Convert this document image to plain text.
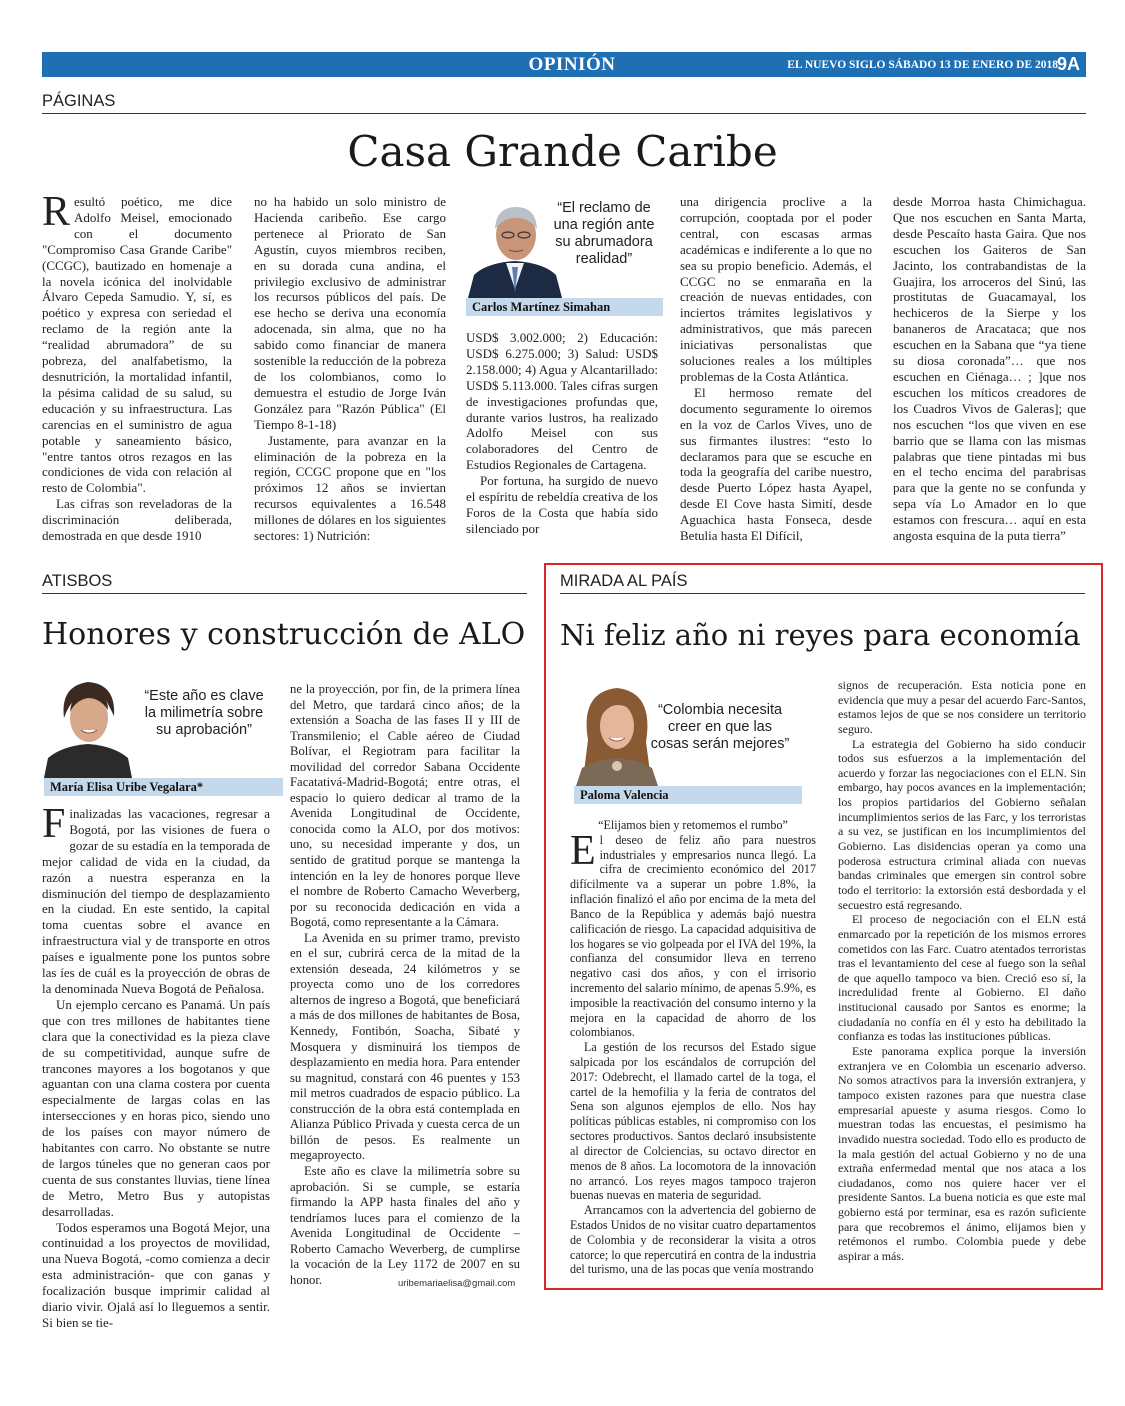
OPINIÓN	EL NUEVO SIGLO SÁBADO 13 DE ENERO DE 2018
9A
PÁGINAS
Casa Grande Caribe

Resultó poético, me dice Adolfo Meisel, emocionado con el documento "Compromiso Casa Grande Caribe" (CCGC), bautizado en homenaje a la novela icónica del inolvidable Álvaro Cepeda Samudio. Y, sí, es poético y expresa con seriedad el reclamo de la región ante la “realidad abrumadora” de su pobreza, del analfabetismo, la desnutrición, la mortalidad infantil, la pésima calidad de su salud, su educación y su infraestructura. Las carencias en el suministro de agua potable y saneamiento básico, "entre tantos otros rezagos en las condiciones de vida con relación al resto de Colombia".

Las cifras son reveladoras de la discriminación deliberada, demostrada en que desde 1910

no ha habido un solo ministro de Hacienda caribeño. Ese cargo pertenece al Priorato de San Agustín, cuyos miembros reciben, en su dorada cuna andina, el privilegio exclusivo de administrar los recursos públicos del país. De ese hecho se deriva una economía adocenada, sin alma, que no ha sabido como financiar de manera sostenible la reducción de la pobreza de los colombianos, como lo demuestra el estudio de Jorge Iván González para "Razón Pública" (El Tiempo 8-1-18)

Justamente, para avanzar en la eliminación de la pobreza en la región, CCGC propone que en "los próximos 12 años se inviertan recursos equivalentes a 16.548 millones de dólares en los siguientes sectores: 1) Nutrición:

“El reclamo de una región ante su abrumadora realidad”
Carlos Martínez Simahan

USD$ 3.002.000; 2) Educación: USD$ 6.275.000; 3) Salud: USD$ 2.158.000; 4) Agua y Alcantarillado: USD$ 5.113.000. Tales cifras surgen de investigaciones profundas que, durante varios lustros, ha realizado Adolfo Meisel con sus colaboradores del Centro de Estudios Regionales de Cartagena.

Por fortuna, ha surgido de nuevo el espíritu de rebeldía creativa de los Foros de la Costa que había sido silenciado por

una dirigencia proclive a la corrupción, cooptada por el poder central, con escasas armas académicas e indiferente a lo que no sea su propio beneficio. Además, el CCGC no se enmaraña en la creación de nuevas entidades, con inciertos trámites legislativos y administrativos, que más parecen iniciativas personalistas que soluciones reales a los múltiples problemas de la Costa Atlántica.

El hermoso remate del documento seguramente lo oiremos en la voz de Carlos Vives, uno de sus firmantes ilustres: “esto lo declaramos para que se escuche en toda la geografía del caribe nuestro, desde Puerto López hasta Ayapel, desde El Cove hasta Simití, desde Aguachica hasta Fonseca, desde Betulia hasta El Difícil,

desde Morroa hasta Chimichagua. Que nos escuchen en Santa Marta, desde Pescaíto hasta Gaira. Que nos escuchen los Gaiteros de San Jacinto, los contrabandistas de la Guajira, los arroceros del Sinú, las prostitutas de Guacamayal, los hechiceros de la Sierpe y los bananeros de Aracataca; que nos escuchen en la Sabana que “ya tiene su diosa coronada”… que nos escuchen en Ciénaga… ; ]que nos escuchen los míticos creadores de los Cuadros Vivos de Galeras]; que nos escuchen “los que viven en ese barrio que se llama con las mismas palabras que tiene pintadas mi bus en el techo encima del parabrisas para que la gente no se confunda y sepa vía Lo Amador en lo que estamos con frescura… aquí en esta angosta esquina de la puta tierra”

ATISBOS
Honores y construcción de ALO
“Este año es clave la milimetría sobre su aprobación”
María Elisa Uribe Vegalara*

Finalizadas las vacaciones, regresar a Bogotá, por las visiones de fuera o gozar de su estadía en la temporada de mejor calidad de vida en la ciudad, da razón a nuestra esperanza en la disminución del tiempo de desplazamiento en la ciudad. En este sentido, la capital toma cuentas sobre el avance en infraestructura vial y de transporte en otros países e igualmente pone los puntos sobre las íes de cuál es la proyección de obras de la denominada Nueva Bogotá de Peñalosa.

Un ejemplo cercano es Panamá. Un país que con tres millones de habitantes tiene clara que la conectividad es la pieza clave de su competitividad, aunque sufre de trancones mayores a los bogotanos y que aguantan con una clama costera por cuenta especialmente de largas colas en las intersecciones y en horas pico, siendo uno de los países con mayor número de habitantes con carro. No obstante se nutre de largos túneles que no generan caos por cuenta de sus constantes lluvias, tiene línea de Metro, Metro Bus y autopistas desarrolladas.

Todos esperamos una Bogotá Mejor, una continuidad a los proyectos de movilidad, una Nueva Bogotá, -como comienza a decir esta administración- que con ganas y focalización busque imprimir calidad al diario vivir. Ojalá así lo lleguemos a sentir. Si bien se tie-

ne la proyección, por fin, de la primera línea del Metro, que tardará cinco años; de la extensión a Soacha de las fases II y III de Transmilenio; el Cable aéreo de Ciudad Bolívar, el Regiotram para facilitar la movilidad del corredor Sabana Occidente Facatativá-Madrid-Bogotá; entre otras, el espacio lo quiero dedicar al tramo de la Avenida Longitudinal de Occidente, conocida como la ALO, por dos motivos: uno, su necesidad imperante y dos, un sentido de gratitud porque se mantenga la intención en la ley de honores porque lleve el nombre de Roberto Camacho Weverberg, por su reconocida dedicación en vida a Bogotá, como representante a la Cámara.

La Avenida en su primer tramo, previsto en el sur, cubrirá cerca de la mitad de la extensión deseada, 24 kilómetros y se proyecta como uno de los corredores alternos de ingreso a Bogotá, que beneficiará a más de dos millones de habitantes de Bosa, Kennedy, Fontibón, Soacha, Sibaté y Mosquera y disminuirá los tiempos de desplazamiento en media hora. Para entender su magnitud, constará con 46 puentes y 153 mil metros cuadrados de espacio público. La construcción de la obra está contemplada en Alianza Público Privada y cuesta cerca de un billón de pesos. Es realmente un megaproyecto.

Este año es clave la milimetría sobre su aprobación. Si se cumple, se estaría firmando la APP hasta finales del año y tendríamos luces para el comienzo de la Avenida Longitudinal de Occidente – Roberto Camacho Weverberg, de cumplirse la vocación de la Ley 1172 de 2007 en su honor.	uribemariaelisa@gmail.com
MIRADA AL PAÍS
Ni feliz año ni reyes para economía
“Colombia necesita creer en que las cosas serán mejores”
Paloma Valencia
“Elijamos bien y retomemos el rumbo”

El deseo de feliz año para nuestros industriales y empresarios nunca llegó. La cifra de crecimiento económico del 2017 difícilmente va a superar un pobre 1.8%, la inflación finalizó el año por encima de la meta del Banco de la República y además bajó nuestra calificación de riesgo. La capacidad adquisitiva de los hogares se vio golpeada por el IVA del 19%, la confianza del consumidor lleva en terreno negativo casi dos años, y con el irrisorio incremento del salario mínimo, de apenas 5.9%, es imposible la reactivación del consumo interno y la mejora en la capacidad de ahorro de los colombianos.

La gestión de los recursos del Estado sigue salpicada por los escándalos de corrupción del 2017: Odebrecht, el llamado cartel de la toga, el cartel de la hemofilia y la feria de contratos del Sena son algunos ejemplos de ello. Nos hay políticas públicas estables, ni compromiso con los sectores productivos. Santos declaró insubsistente al director de Colciencias, su octavo director en menos de 8 años. La locomotora de la innovación no arrancó. Los reyes magos tampoco trajeron buenas nuevas en materia de seguridad.

Arrancamos con la advertencia del gobierno de Estados Unidos de no visitar cuatro departamentos de Colombia y de reconsiderar la visita a otros catorce; lo que repercutirá en contra de la industria del turismo, una de las pocas que venía mostrando

signos de recuperación. Esta noticia pone en evidencia que muy a pesar del acuerdo Farc-Santos, estamos lejos de que se nos considere un territorio seguro.

La estrategia del Gobierno ha sido conducir todos sus esfuerzos a la implementación del acuerdo y forzar las negociaciones con el ELN. Sin embargo, hay pocos avances en la implementación; los propios partidarios del Gobierno señalan incumplimientos serios de las Farc, y los terroristas a su vez, se justifican en los incumplimientos del Gobierno. Las disidencias operan ya como una poderosa estructura criminal aliada con nuevas bandas criminales que emergen sin control sobre todo el territorio: la extorsión está desbordada y el secuestro está regresando.

El proceso de negociación con el ELN está enmarcado por la repetición de los mismos errores cometidos con las Farc. Cuatro atentados terroristas tras el levantamiento del cese al fuego son la señal de que aquello tampoco va bien. Creció eso sí, la incredulidad frente al Gobierno. El daño institucional causado por Santos es enorme; la ciudadanía no confía en él y esto ha debilitado la confianza es todas las instituciones públicas.

Este panorama explica porque la inversión extranjera ve en Colombia un escenario adverso. No somos atractivos para la inversión extranjera, y tampoco existen razones para que nuestra clase empresarial apueste y asuma riesgos. Como lo muestran todas las encuestas, el pesimismo ha invadido nuestra sociedad. Todo ello es producto de la mala gestión del actual Gobierno y no de una extraña enfermedad mental que nos ataca a los ciudadanos, como nos quiere hacer ver el presidente Santos. La buena noticia es que este mal gobierno está por terminar, esa es razón suficiente para que recobremos el ánimo, elijamos bien y retémonos el rumbo. Colombia puede y debe aspirar a más.
